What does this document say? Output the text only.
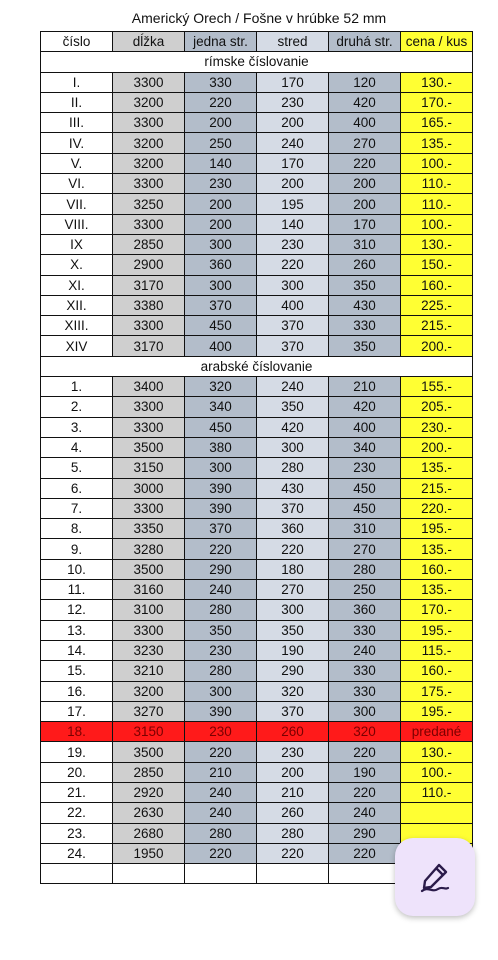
Americký Orech / Fošne v hrúbke 52 mm
číslo	dĺžka	jedna str.	stred	druhá str.	cena / kus
rímske číslovanie					
I.	3300	330	170	120	130.-
II.	3200	220	230	420	170.-
III.	3300	200	200	400	165.-
IV.	3200	250	240	270	135.-
V.	3200	140	170	220	100.-
VI.	3300	230	200	200	110.-
VII.	3250	200	195	200	110.-
VIII.	3300	200	140	170	100.-
IX	2850	300	230	310	130.-
X.	2900	360	220	260	150.-
XI.	3170	300	300	350	160.-
XII.	3380	370	400	430	225.-
XIII.	3300	450	370	330	215.-
XIV	3170	400	370	350	200.-
arabské číslovanie					
1.	3400	320	240	210	155.-
2.	3300	340	350	420	205.-
3.	3300	450	420	400	230.-
4.	3500	380	300	340	200.-
5.	3150	300	280	230	135.-
6.	3000	390	430	450	215.-
7.	3300	390	370	450	220.-
8.	3350	370	360	310	195.-
9.	3280	220	220	270	135.-
10.	3500	290	180	280	160.-
11.	3160	240	270	250	135.-
12.	3100	280	300	360	170.-
13.	3300	350	350	330	195.-
14.	3230	230	190	240	115.-
15.	3210	280	290	330	160.-
16.	3200	300	320	330	175.-
17.	3270	390	370	300	195.-
18.	3150	230	260	320	predané
19.	3500	220	230	220	130.-
20.	2850	210	200	190	100.-
21.	2920	240	210	220	110.-
22.	2630	240	260	240	
23.	2680	280	280	290	
24.	1950	220	220	220	
